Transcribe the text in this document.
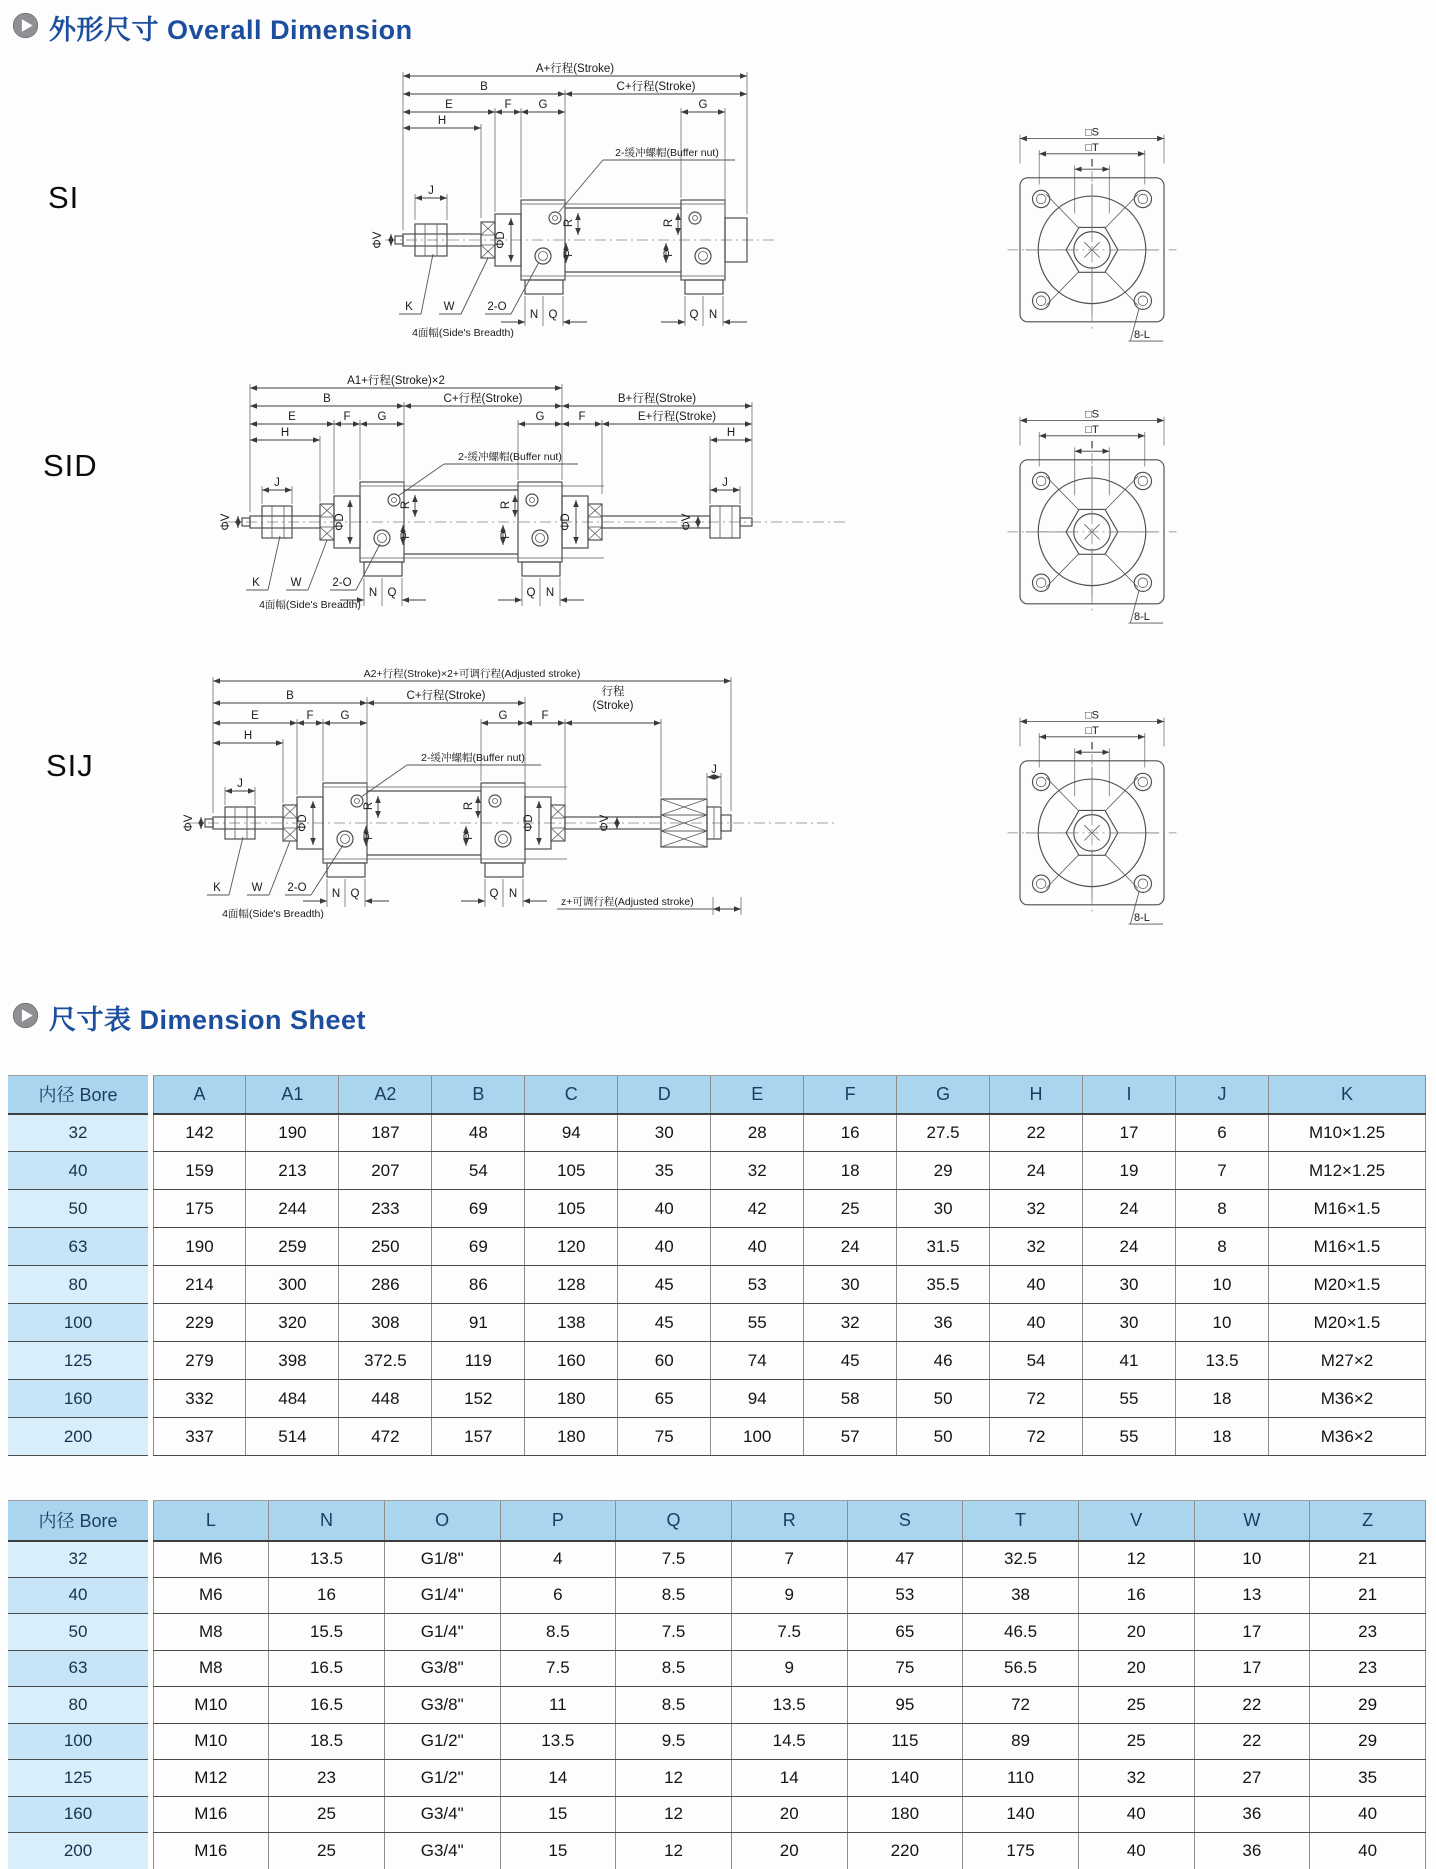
外形尺寸 Overall Dimension
SI
SID
SIJ
A+行程(Stroke)
B	C+行程(Stroke)
E	F G	G
H
J
ΦV	ΦD
R
P
R
P
2-缓冲螺帽(Buffer nut)
K	W	2-O
4面幅(Side's Breadth)
N Q	Q N
A1+行程(Stroke)×2
B	C+行程(Stroke)	B+行程(Stroke)
E	F G	G	F	E+行程(Stroke)
H	H
J	J
ΦV	ΦV
ΦD	ΦD
R
P
R
P
2-缓冲螺帽(Buffer nut)
K	W	2-O
4面幅(Side's Breadth)
N Q	Q N
A2+行程(Stroke)×2+可调行程(Adjusted stroke)
B	C+行程(Stroke)	行程
(Stroke)
E	F G	G	F
H
J
J
ΦV	ΦV
ΦD	ΦD
R
P
R
P
2-缓冲螺帽(Buffer nut)
z+可调行程(Adjusted stroke)
K	W 2-O
4面幅(Side's Breadth)
N Q	Q N
尺寸表 Dimension Sheet
内径 Bore		A	A1	A2	B	C	D	E	F	G	H	I	J	K
32		142	190	187	48	94	30	28	16	27.5	22	17	6	M10×1.25
40		159	213	207	54	105	35	32	18	29	24	19	7	M12×1.25
50		175	244	233	69	105	40	42	25	30	32	24	8	M16×1.5
63		190	259	250	69	120	40	40	24	31.5	32	24	8	M16×1.5
80		214	300	286	86	128	45	53	30	35.5	40	30	10	M20×1.5
100		229	320	308	91	138	45	55	32	36	40	30	10	M20×1.5
125		279	398	372.5	119	160	60	74	45	46	54	41	13.5	M27×2
160		332	484	448	152	180	65	94	58	50	72	55	18	M36×2
200		337	514	472	157	180	75	100	57	50	72	55	18	M36×2
内径 Bore		L	N	O	P	Q	R	S	T	V	W	Z
32		M6	13.5	G1/8"	4	7.5	7	47	32.5	12	10	21
40		M6	16	G1/4"	6	8.5	9	53	38	16	13	21
50		M8	15.5	G1/4"	8.5	7.5	7.5	65	46.5	20	17	23
63		M8	16.5	G3/8"	7.5	8.5	9	75	56.5	20	17	23
80		M10	16.5	G3/8"	11	8.5	13.5	95	72	25	22	29
100		M10	18.5	G1/2"	13.5	9.5	14.5	115	89	25	22	29
125		M12	23	G1/2"	14	12	14	140	110	32	27	35
160		M16	25	G3/4"	15	12	20	180	140	40	36	40
200		M16	25	G3/4"	15	12	20	220	175	40	36	40
